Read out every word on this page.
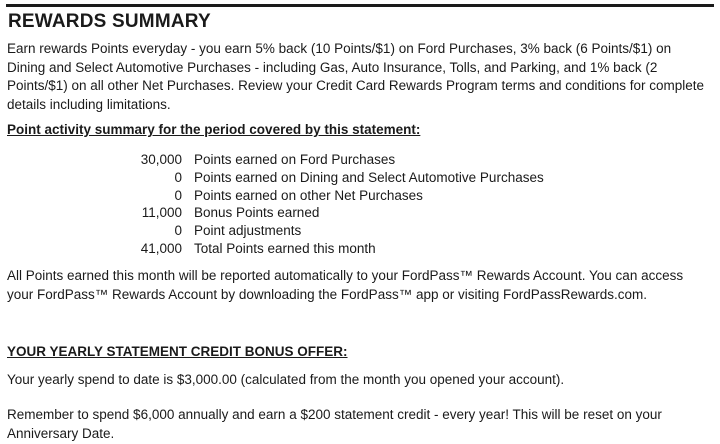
REWARDS SUMMARY

Earn rewards Points everyday - you earn 5% back (10 Points/$1) on Ford Purchases, 3% back (6 Points/$1) on Dining and Select Automotive Purchases - including Gas, Auto Insurance, Tolls, and Parking, and 1% back (2 Points/$1) on all other Net Purchases. Review your Credit Card Rewards Program terms and conditions for complete details including limitations.

Point activity summary for the period covered by this statement:
30,000 Points earned on Ford Purchases
0 Points earned on Dining and Select Automotive Purchases
0 Points earned on other Net Purchases
11,000 Bonus Points earned
0 Point adjustments
41,000 Total Points earned this month

All Points earned this month will be reported automatically to your FordPass™ Rewards Account. You can access your FordPass™ Rewards Account by downloading the FordPass™ app or visiting FordPassRewards.com.

YOUR YEARLY STATEMENT CREDIT BONUS OFFER:

Your yearly spend to date is $3,000.00 (calculated from the month you opened your account).

Remember to spend $6,000 annually and earn a $200 statement credit - every year! This will be reset on your Anniversary Date.
